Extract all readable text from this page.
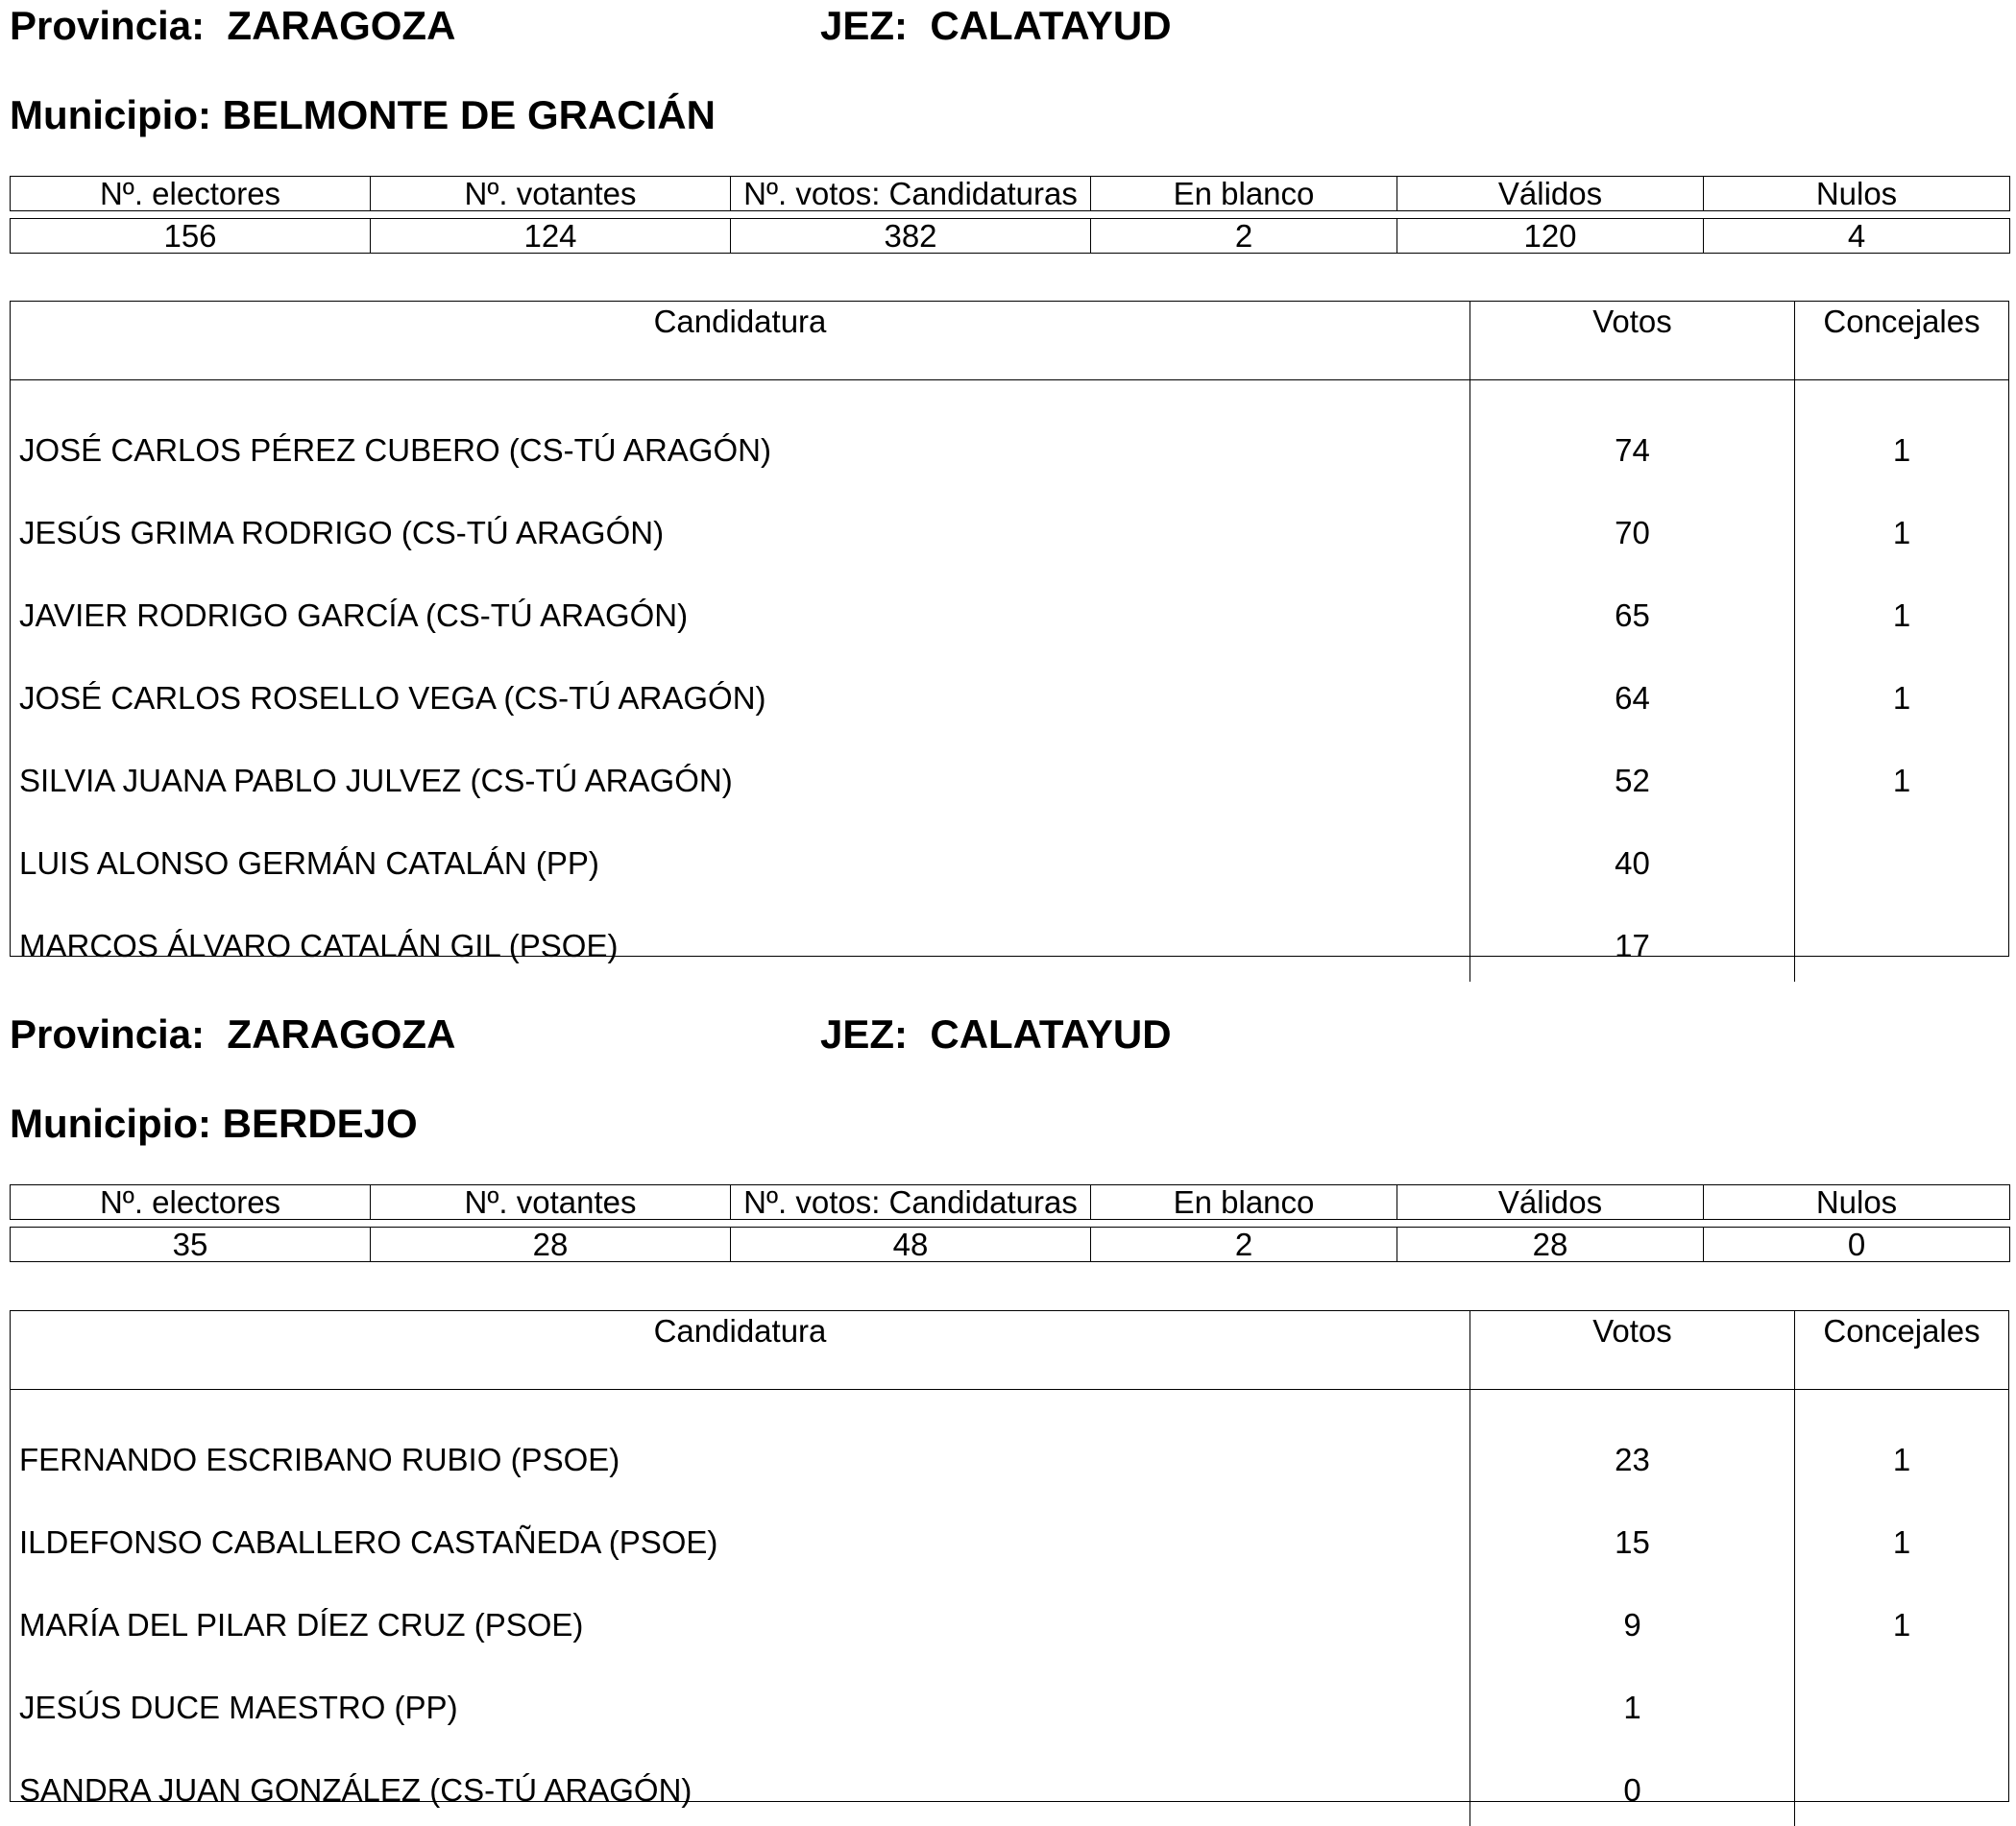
Provincia: ZARAGOZA	JEZ: CALATAYUD
Municipio: BELMONTE DE GRACIÁN
Nº. electores	Nº. votantes	Nº. votos: Candidaturas	En blanco	Válidos	Nulos
156	124	382	2	120	4
Candidatura	Votos	Concejales
JOSÉ CARLOS PÉREZ CUBERO (CS-TÚ ARAGÓN)	74	1
JESÚS GRIMA RODRIGO (CS-TÚ ARAGÓN)	70	1
JAVIER RODRIGO GARCÍA (CS-TÚ ARAGÓN)	65	1
JOSÉ CARLOS ROSELLO VEGA (CS-TÚ ARAGÓN)	64	1
SILVIA JUANA PABLO JULVEZ (CS-TÚ ARAGÓN)	52	1
LUIS ALONSO GERMÁN CATALÁN (PP)	40
MARCOS ÁLVARO CATALÁN GIL (PSOE)	17
Provincia: ZARAGOZA	JEZ: CALATAYUD
Municipio: BERDEJO
Nº. electores	Nº. votantes	Nº. votos: Candidaturas	En blanco	Válidos	Nulos
35	28	48	2	28	0
Candidatura	Votos	Concejales
FERNANDO ESCRIBANO RUBIO (PSOE)	23	1
ILDEFONSO CABALLERO CASTAÑEDA (PSOE)	15	1
MARÍA DEL PILAR DÍEZ CRUZ (PSOE)	9	1
JESÚS DUCE MAESTRO (PP)	1
SANDRA JUAN GONZÁLEZ (CS-TÚ ARAGÓN)	0
